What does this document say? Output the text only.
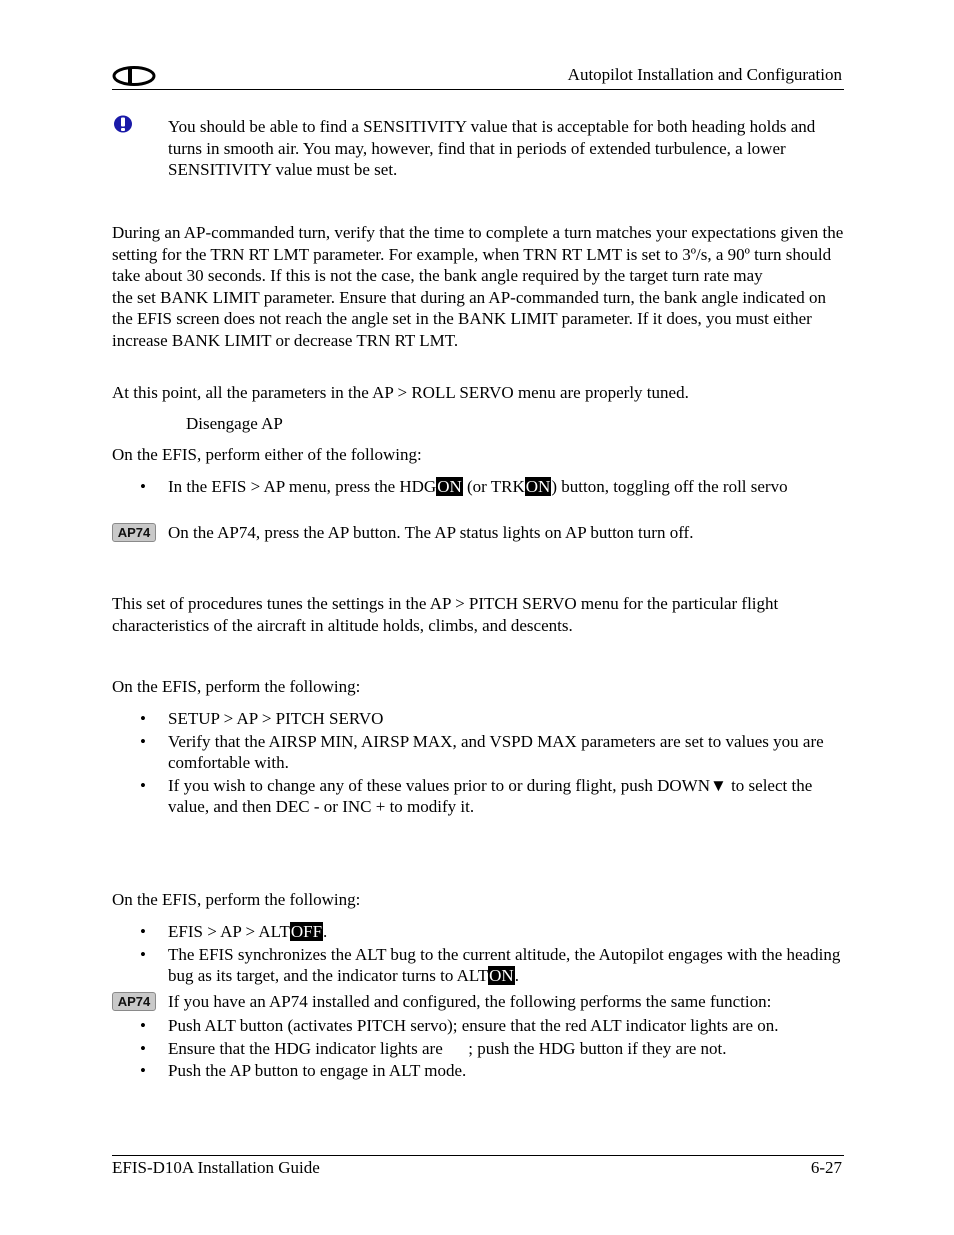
Autopilot Installation and Configuration
You should be able to find a SENSITIVITY value that is acceptable for both heading holds and turns in smooth air. You may, however, find that in periods of extended turbulence, a lower SENSITIVITY value must be set.
During an AP-commanded turn, verify that the time to complete a turn matches your expectations given the setting for the TRN RT LMT parameter. For example, when TRN RT LMT is set to 3º/s, a 90º turn should take about 30 seconds. If this is not the case, the bank angle required by the target turn rate may  the set BANK LIMIT parameter. Ensure that during an AP-commanded turn, the bank angle indicated on the EFIS screen does not reach the angle set in the BANK LIMIT parameter. If it does, you must either increase BANK LIMIT or decrease TRN RT LMT.
At this point, all the parameters in the AP > ROLL SERVO menu are properly tuned.
Disengage AP
On the EFIS, perform either of the following:
• In the EFIS > AP menu, press the HDGON (or TRKON) button, toggling off the roll servo
AP74	On the AP74, press the AP button. The AP status lights on AP button turn off.
This set of procedures tunes the settings in the AP > PITCH SERVO menu for the particular flight characteristics of the aircraft in altitude holds, climbs, and descents.
On the EFIS, perform the following:
• SETUP > AP > PITCH SERVO
• Verify that the AIRSP MIN, AIRSP MAX, and VSPD MAX parameters are set to values you are comfortable with.
• If you wish to change any of these values prior to or during flight, push DOWN▼ to select the value, and then DEC - or INC + to modify it.
On the EFIS, perform the following:
• EFIS > AP > ALTOFF.
• The EFIS synchronizes the ALT bug to the current altitude, the Autopilot engages with the heading bug as its target, and the indicator turns to ALTON.
AP74	If you have an AP74 installed and configured, the following performs the same function:
• Push ALT button (activates PITCH servo); ensure that the red ALT indicator lights are on.
• Ensure that the HDG indicator lights are      ; push the HDG button if they are not.
• Push the AP button to engage in ALT mode.
EFIS-D10A Installation Guide	6-27
